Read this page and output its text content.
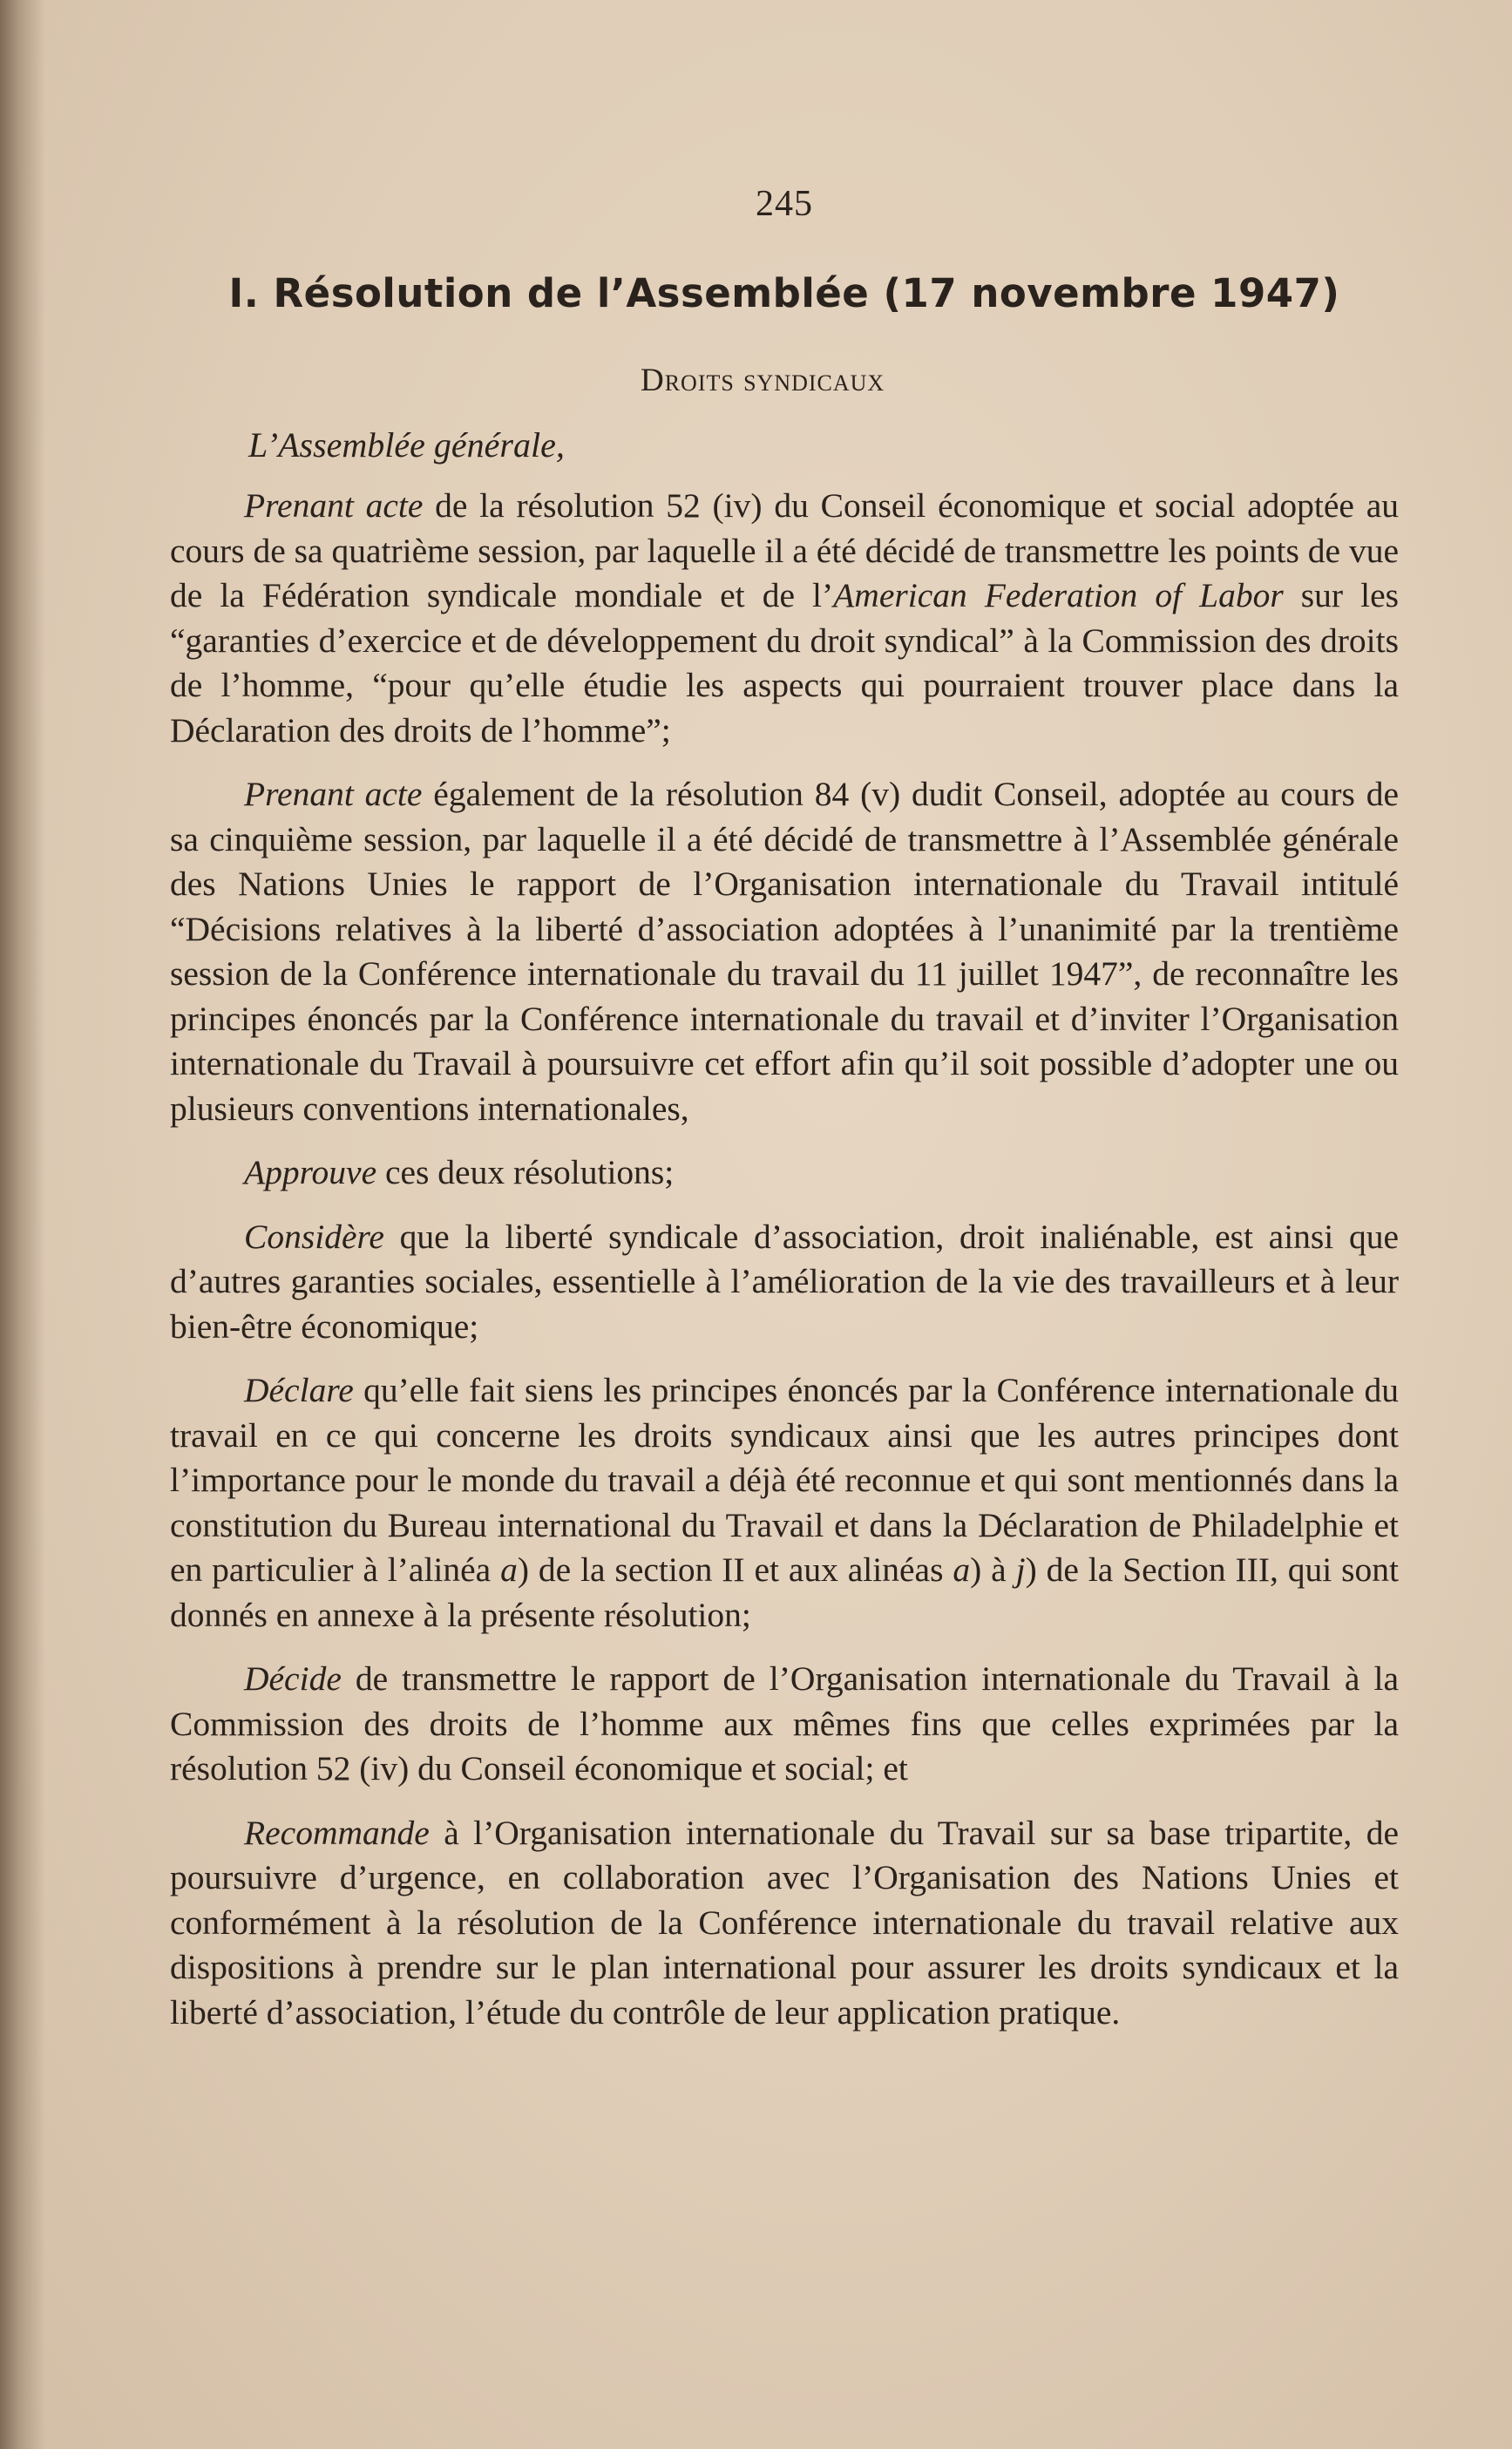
245
I. Résolution de l’Assemblée (17 novembre 1947)
Droits syndicaux
L’Assemblée générale,

Prenant acte de la résolution 52 (iv) du Conseil économique et social adoptée au cours de sa quatrième session, par laquelle il a été décidé de transmettre les points de vue de la Fédération syndicale mondiale et de l’American Federation of Labor sur les “garanties d’exercice et de développement du droit syndical” à la Commission des droits de l’homme, “pour qu’elle étudie les aspects qui pourraient trouver place dans la Déclaration des droits de l’homme”;

Prenant acte également de la résolution 84 (v) dudit Conseil, adoptée au cours de sa cinquième session, par laquelle il a été décidé de transmettre à l’Assemblée générale des Nations Unies le rapport de l’Organisation internationale du Travail intitulé “Décisions relatives à la liberté d’association adoptées à l’unanimité par la trentième session de la Conférence internationale du travail du 11 juillet 1947”, de reconnaître les principes énoncés par la Conférence internationale du travail et d’inviter l’Organisation internationale du Travail à poursuivre cet effort afin qu’il soit possible d’adopter une ou plusieurs conventions internationales,

Approuve ces deux résolutions;

Considère que la liberté syndicale d’association, droit inaliénable, est ainsi que d’autres garanties sociales, essentielle à l’amélioration de la vie des travailleurs et à leur bien-être économique;

Déclare qu’elle fait siens les principes énoncés par la Conférence internationale du travail en ce qui concerne les droits syndicaux ainsi que les autres principes dont l’importance pour le monde du travail a déjà été reconnue et qui sont mentionnés dans la constitution du Bureau international du Travail et dans la Déclaration de Philadelphie et en particulier à l’alinéa a) de la section II et aux alinéas a) à j) de la Section III, qui sont donnés en annexe à la présente résolution;

Décide de transmettre le rapport de l’Organisation internationale du Travail à la Commission des droits de l’homme aux mêmes fins que celles exprimées par la résolution 52 (iv) du Conseil économique et social; et

Recommande à l’Organisation internationale du Travail sur sa base tripartite, de poursuivre d’urgence, en collaboration avec l’Organisation des Nations Unies et conformément à la résolution de la Conférence internationale du travail relative aux dispositions à prendre sur le plan international pour assurer les droits syndicaux et la liberté d’association, l’étude du contrôle de leur application pratique.
